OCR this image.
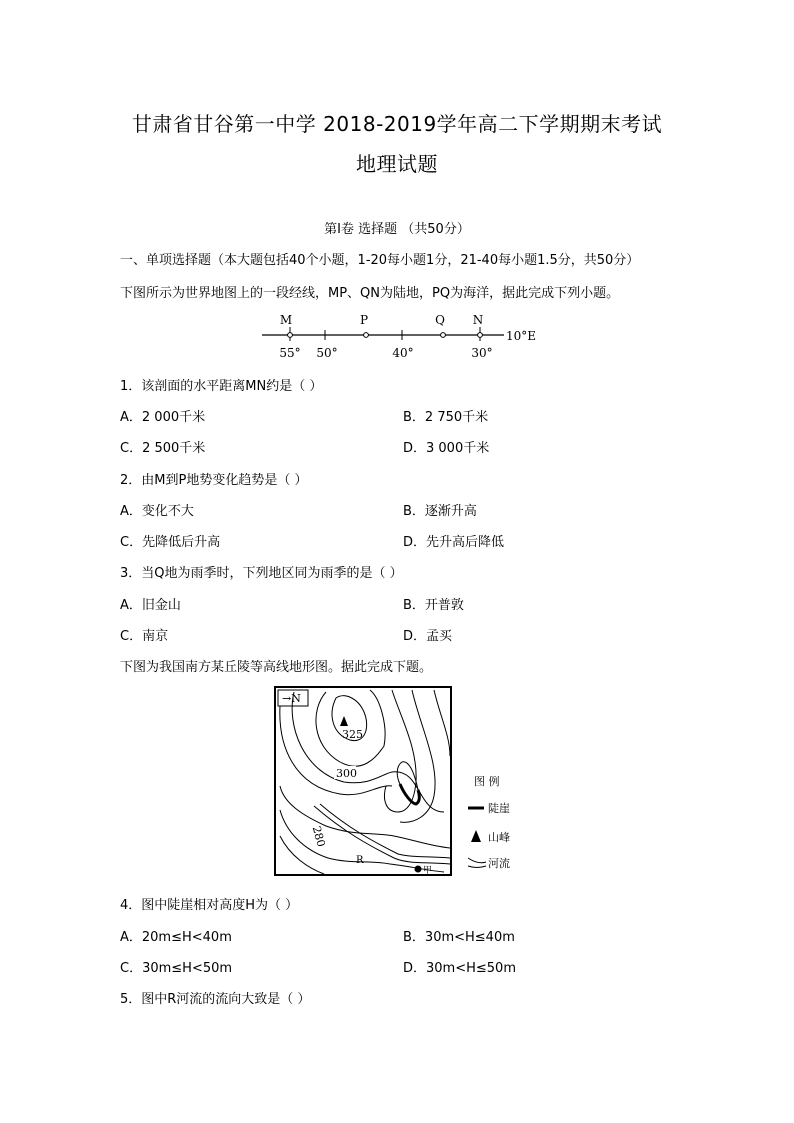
甘肃省甘谷第一中学 2018-2019学年高二下学期期末考试
地理试题
第Ⅰ卷 选择题 （共50分）
一、单项选择题（本大题包括40个小题，1-20每小题1分，21-40每小题1.5分，共50分）
下图所示为世界地图上的一段经线，MP、QN为陆地，PQ为海洋，据此完成下列小题。
M	P	Q N
55° 50°	40°	30°
10°E
1．该剖面的水平距离MN约是（ ）
A．2 000千米	B．2 750千米
C．2 500千米	D．3 000千米
2．由M到P地势变化趋势是（ ）
A．变化不大	B．逐渐升高
C．先降低后升高	D．先升高后降低
3．当Q地为雨季时，下列地区同为雨季的是（ ）
A．旧金山	B．开普敦
C．南京	D．孟买
下图为我国南方某丘陵等高线地形图。据此完成下题。
→N
325
300
280
R
甲
图 例
陡崖
山峰
河流
4．图中陡崖相对高度H为（ ）
A．20m≤H<40m	B．30m<H≤40m
C．30m≤H<50m	D．30m<H≤50m
5．图中R河流的流向大致是（ ）
